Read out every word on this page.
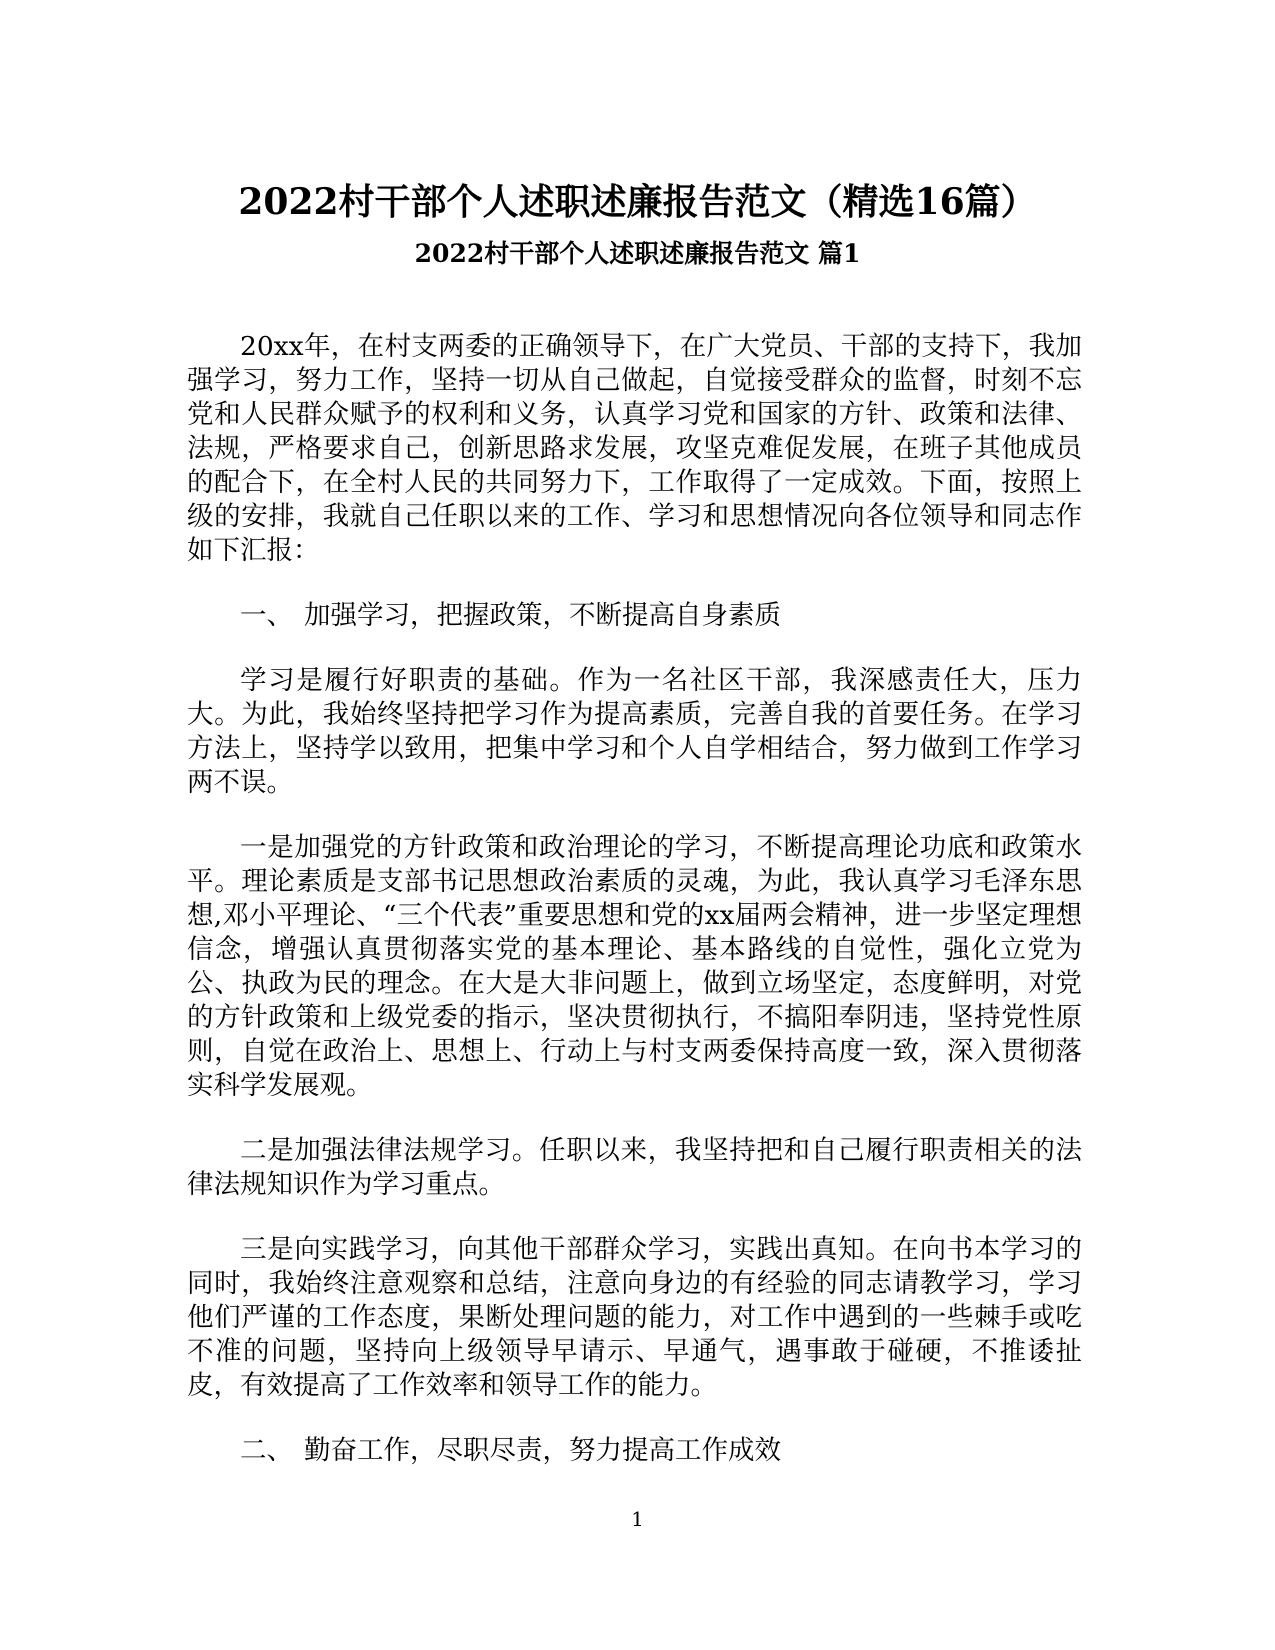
2022村干部个人述职述廉报告范文（精选16篇）
2022村干部个人述职述廉报告范文 篇1

20xx年，在村支两委的正确领导下，在广大党员、干部的支持下，我加强学习，努力工作，坚持一切从自己做起，自觉接受群众的监督，时刻不忘党和人民群众赋予的权利和义务，认真学习党和国家的方针、政策和法律、法规，严格要求自己，创新思路求发展，攻坚克难促发展，在班子其他成员的配合下，在全村人民的共同努力下，工作取得了一定成效。下面，按照上级的安排，我就自己任职以来的工作、学习和思想情况向各位领导和同志作如下汇报：

一、 加强学习，把握政策，不断提高自身素质

学习是履行好职责的基础。作为一名社区干部，我深感责任大，压力大。为此，我始终坚持把学习作为提高素质，完善自我的首要任务。在学习方法上，坚持学以致用，把集中学习和个人自学相结合，努力做到工作学习两不误。

一是加强党的方针政策和政治理论的学习，不断提高理论功底和政策水平。理论素质是支部书记思想政治素质的灵魂，为此，我认真学习毛泽东思想,邓小平理论、“三个代表”重要思想和党的xx届两会精神，进一步坚定理想信念，增强认真贯彻落实党的基本理论、基本路线的自觉性，强化立党为公、执政为民的理念。在大是大非问题上，做到立场坚定，态度鲜明，对党的方针政策和上级党委的指示，坚决贯彻执行，不搞阳奉阴违，坚持党性原则，自觉在政治上、思想上、行动上与村支两委保持高度一致，深入贯彻落实科学发展观。

二是加强法律法规学习。任职以来，我坚持把和自己履行职责相关的法律法规知识作为学习重点。

三是向实践学习，向其他干部群众学习，实践出真知。在向书本学习的同时，我始终注意观察和总结，注意向身边的有经验的同志请教学习，学习他们严谨的工作态度，果断处理问题的能力，对工作中遇到的一些棘手或吃不准的问题，坚持向上级领导早请示、早通气，遇事敢于碰硬，不推诿扯皮，有效提高了工作效率和领导工作的能力。

二、 勤奋工作，尽职尽责，努力提高工作成效

1
